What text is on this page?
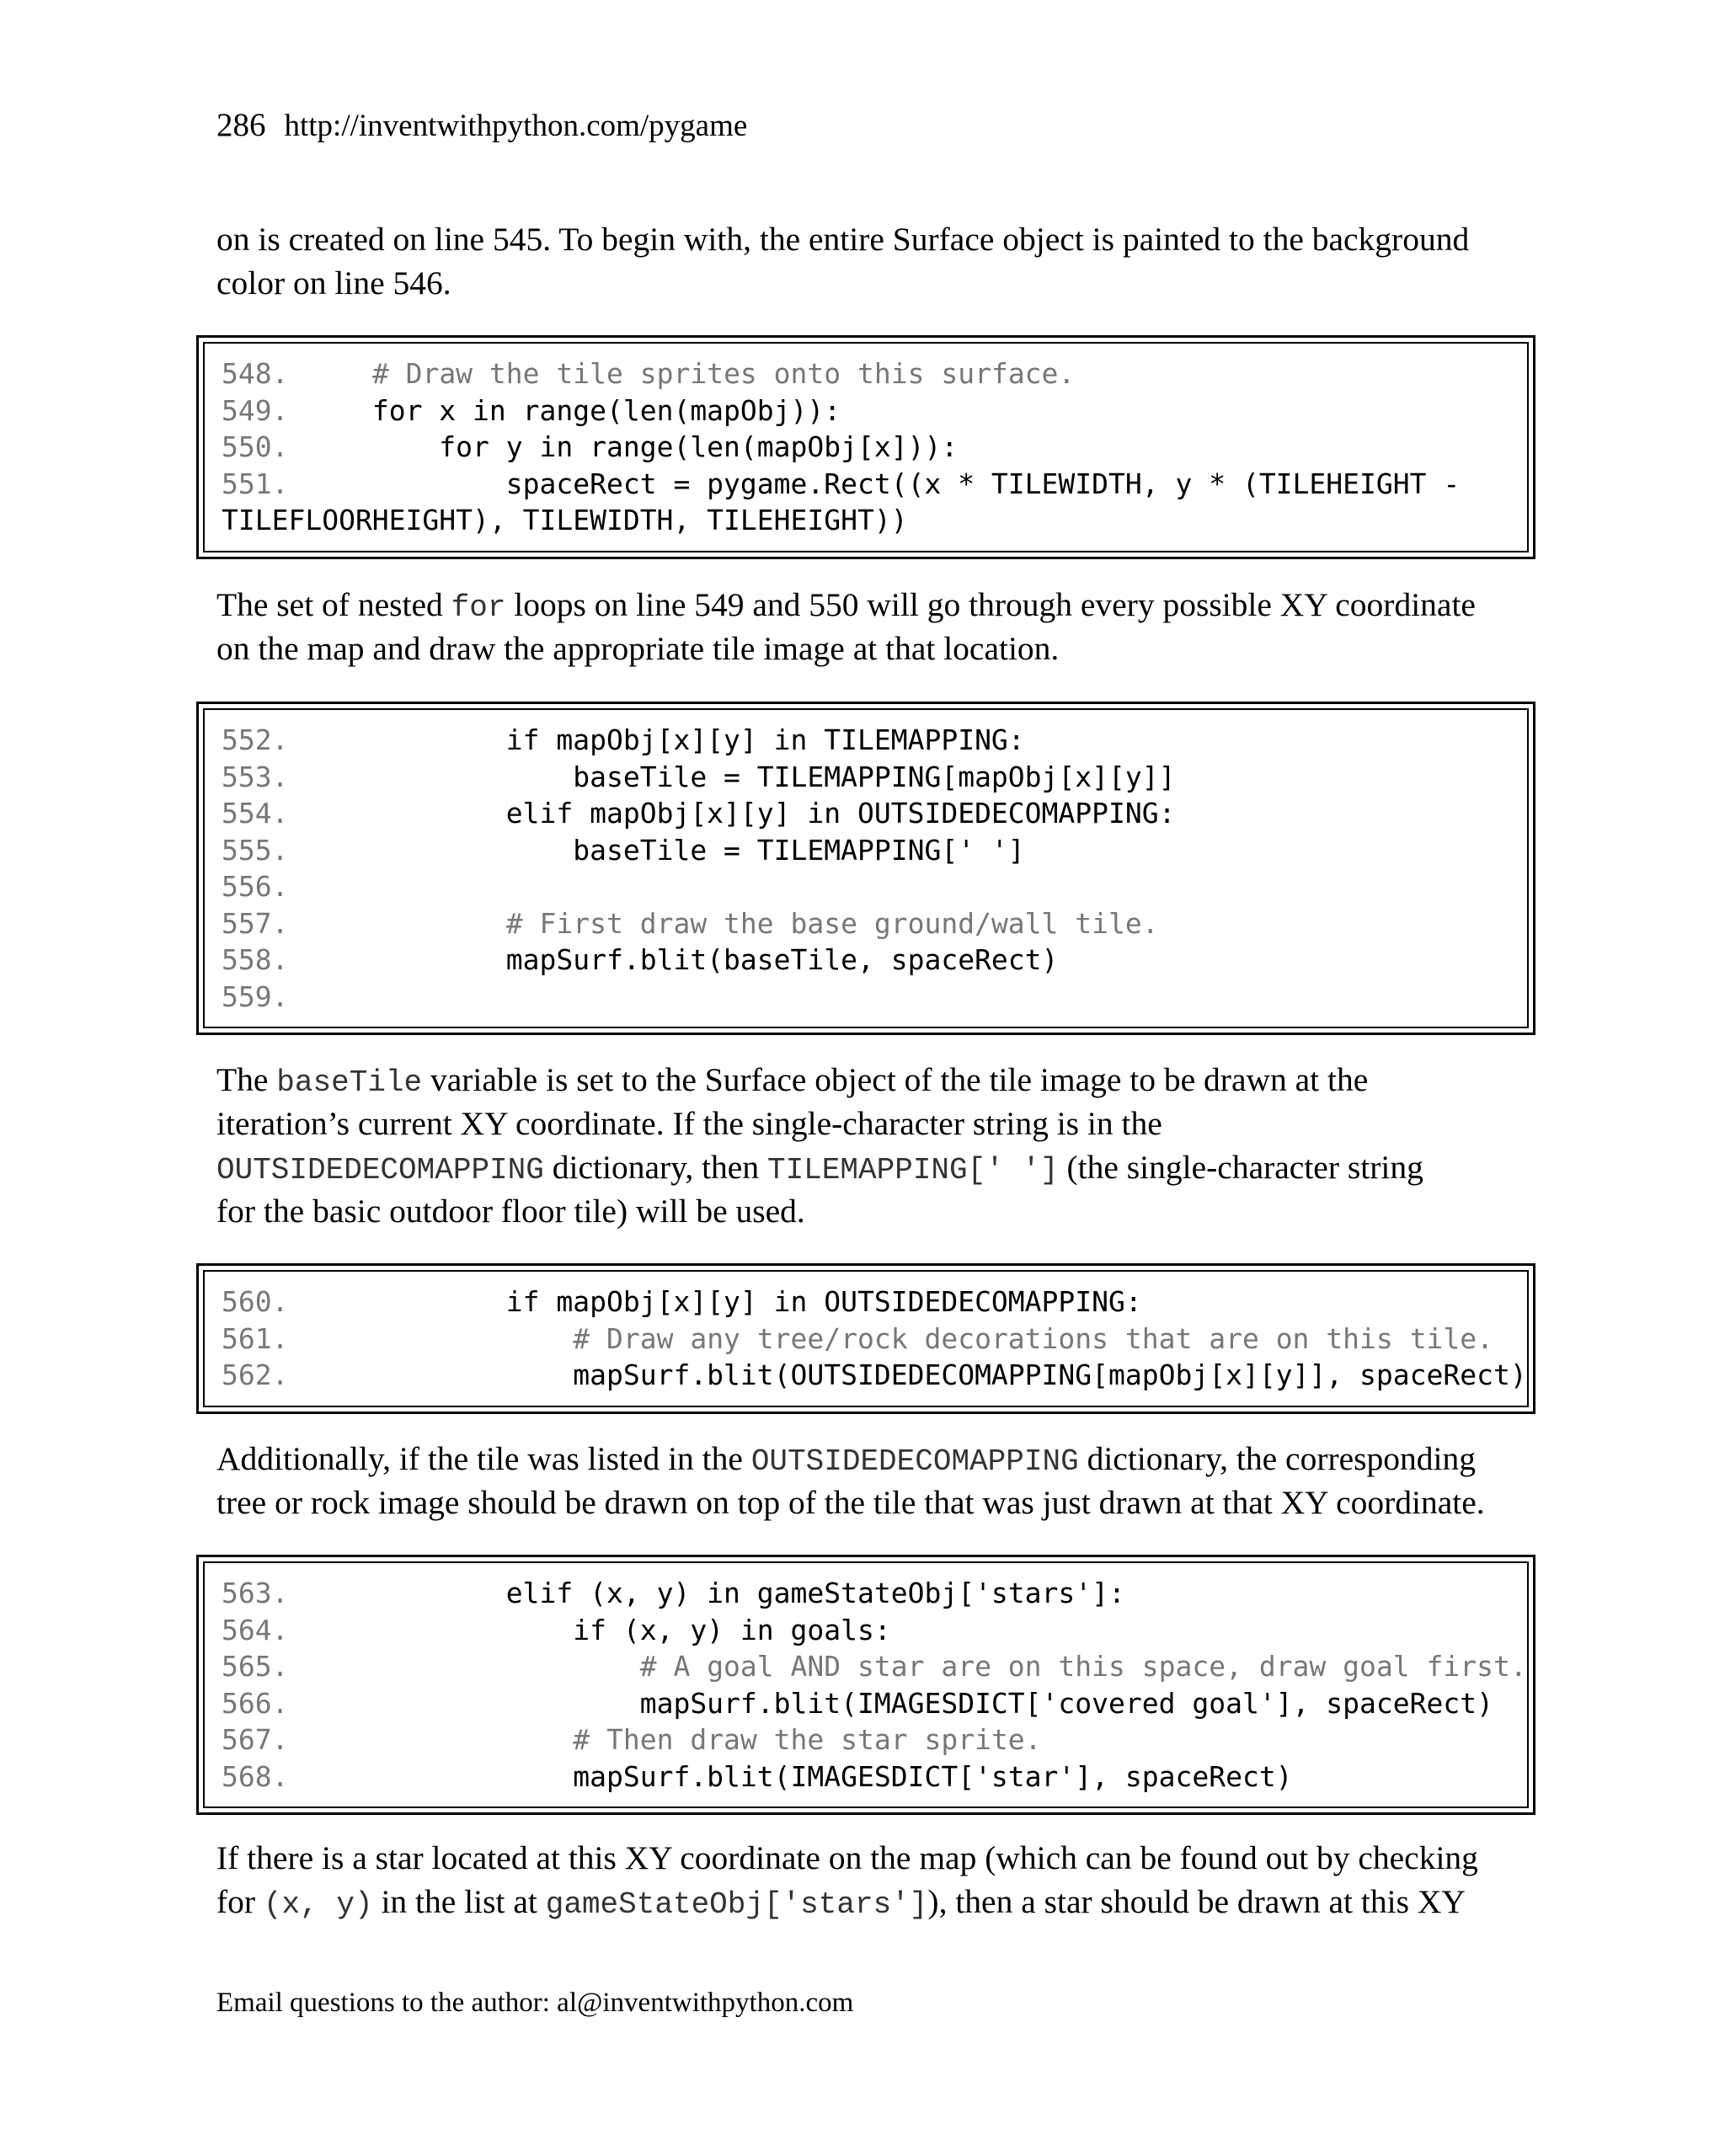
286 http://inventwithpython.com/pygame
on is created on line 545. To begin with, the entire Surface object is painted to the background
color on line 546.
548.	# Draw the tile sprites onto this surface.
549.     for x in range(len(mapObj)):
550.         for y in range(len(mapObj[x])):
551.             spaceRect = pygame.Rect((x * TILEWIDTH, y * (TILEHEIGHT -
TILEFLOORHEIGHT), TILEWIDTH, TILEHEIGHT))
The set of nested for loops on line 549 and 550 will go through every possible XY coordinate
on the map and draw the appropriate tile image at that location.
552.             if mapObj[x][y] in TILEMAPPING:
553.                 baseTile = TILEMAPPING[mapObj[x][y]]
554.             elif mapObj[x][y] in OUTSIDEDECOMAPPING:
555.                 baseTile = TILEMAPPING[' ']
556.
557.	# First draw the base ground/wall tile.
558.             mapSurf.blit(baseTile, spaceRect)
559.
The baseTile variable is set to the Surface object of the tile image to be drawn at the
iteration’s current XY coordinate. If the single-character string is in the
OUTSIDEDECOMAPPING dictionary, then TILEMAPPING[' '] (the single-character string
for the basic outdoor floor tile) will be used.
560.             if mapObj[x][y] in OUTSIDEDECOMAPPING:
561.	# Draw any tree/rock decorations that are on this tile.
562.                 mapSurf.blit(OUTSIDEDECOMAPPING[mapObj[x][y]], spaceRect)
Additionally, if the tile was listed in the OUTSIDEDECOMAPPING dictionary, the corresponding
tree or rock image should be drawn on top of the tile that was just drawn at that XY coordinate.
563.             elif (x, y) in gameStateObj['stars']:
564.                 if (x, y) in goals:
565.	# A goal AND star are on this space, draw goal first.
566.                     mapSurf.blit(IMAGESDICT['covered goal'], spaceRect)
567.	# Then draw the star sprite.
568.                 mapSurf.blit(IMAGESDICT['star'], spaceRect)
If there is a star located at this XY coordinate on the map (which can be found out by checking
for (x, y) in the list at gameStateObj['stars']), then a star should be drawn at this XY
Email questions to the author: al@inventwithpython.com
